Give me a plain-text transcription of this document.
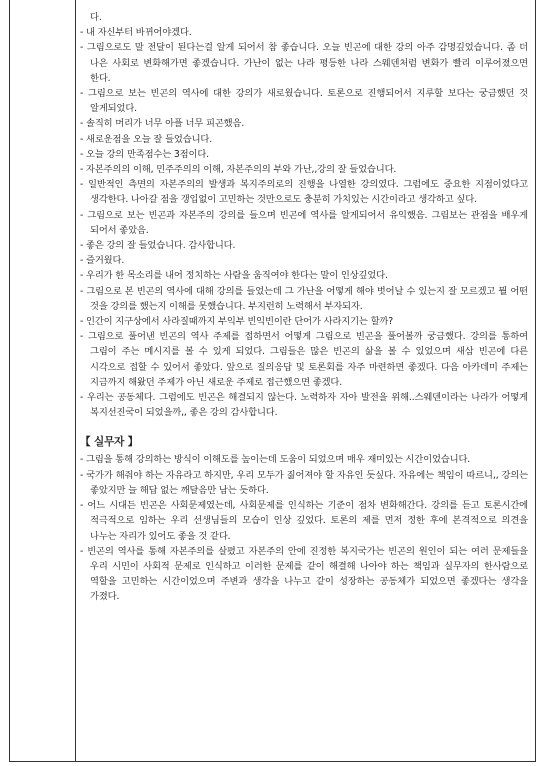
다.

- 내 자신부터 바뀌어야겠다.

- 그림으로도 말 전달이 된다는걸 알게 되어서 참 좋습니다. 오늘 빈곤에 대한 강의 아주 감명깊었습니다. 좀 더 나은 사회로 변화해가면 좋겠습니다. 가난이 없는 나라 평등한 나라 스웨덴처럼 변화가 빨리 이루어졌으면 한다.

- 그림으로 보는 빈곤의 역사에 대한 강의가 새로웠습니다. 토론으로 진행되어서 지루할 보다는 궁금했던 것 알게되었다.

- 솔직히 머리가 너무 아플 너무 피곤했음.

- 새로운점을 오늘 잘 들었습니다.

- 오늘 강의 만족점수는 3점이다.

- 자본주의의 이해, 민주주의의 이해, 자본주의의 부와 가난,,강의 잘 들었습니다.

- 일반적인 측면의 자본주의의 발생과 복지주의로의 진행을 나열한 강의였다. 그럼에도 중요한 지점이었다고 생각한다. 나아갈 점을 갱입없이 고민하는 것만으로도 충분히 가치있는 시간이라고 생각하고 싶다.

- 그림으로 보는 빈곤과 자본주의 강의를 들으며 빈곤에 역사를 알게되어서 유익했음. 그림보는 관점을 배우게 되어서 좋았음.

- 좋은 강의 잘 들었습니다. 감사합니다.

- 즐거웠다.

- 우리가 한 목소리를 내어 정치하는 사람을 움직여야 한다는 말이 인상깊었다.

- 그림으로 본 빈곤의 역사에 대해 강의를 들었는데 그 가난을 어떻게 해야 벗어날 수 있는지 잘 모르겠고 뭘 어떤 것을 강의를 했는지 이해를 못했습니다. 부지런히 노력해서 부자되자.

- 인간이 지구상에서 사라질때까지 부익부 빈익빈이란 단어가 사라지기는 할까?

- 그림으로 풀어낸 빈곤의 역사 주제를 접하면서 어떻게 그림으로 빈곤을 풀어볼까 궁금했다. 강의를 통하여 그림이 주는 메시지를 볼 수 있게 되었다. 그림들은 많은 빈곤의 삶을 볼 수 있었으며 새삼 빈곤에 다른 시각으로 접할 수 있어서 좋았다. 앞으로 질의응답 및 토론회를 자주 마련하면 좋겠다. 다음 아카데미 주제는 지금까지 해왔던 주제가 아닌 새로운 주제로 접근했으면 좋겠다.

- 우리는 공동체다. 그럼에도 빈곤은 해결되지 않는다. 노력하자 자아 발전을 위해..스웨덴이라는 나라가 어떻게 복지선진국이 되었을까,, 좋은 강의 감사합니다.

【 실무자 】

- 그림을 통해 강의하는 방식이 이해도를 높이는데 도움이 되었으며 매우 재미있는 시간이었습니다.

- 국가가 해줘야 하는 자유라고 하지만, 우리 모두가 짊어져야 할 자유인 듯싶다. 자유에는 책임이 따르니,, 강의는 좋았지만 늘 해답 없는 깨달음만 남는 듯하다.

- 어느 시대든 빈곤은 사회문제였는데, 사회문제를 인식하는 기준이 점차 변화해간다. 강의를 듣고 토론시간에 적극적으로 임하는 우리 선생님들의 모습이 인상 깊었다. 토론의 제를 먼저 정한 후에 본격적으로 의견을 나누는 자리가 있어도 좋을 것 같다.

- 빈곤의 역사를 통해 자본주의를 살폈고 자본주의 안에 진정한 복지국가는 빈곤의 원인이 되는 여러 문제들을 우리 시민이 사회적 문제로 인식하고 이러한 문제를 같이 해결해 나아야 하는 책임과 실무자의 한사람으로 역할을 고민하는 시간이었으며 주변과 생각을 나누고 같이 성장하는 공동체가 되었으면 좋겠다는 생각을 가졌다.
